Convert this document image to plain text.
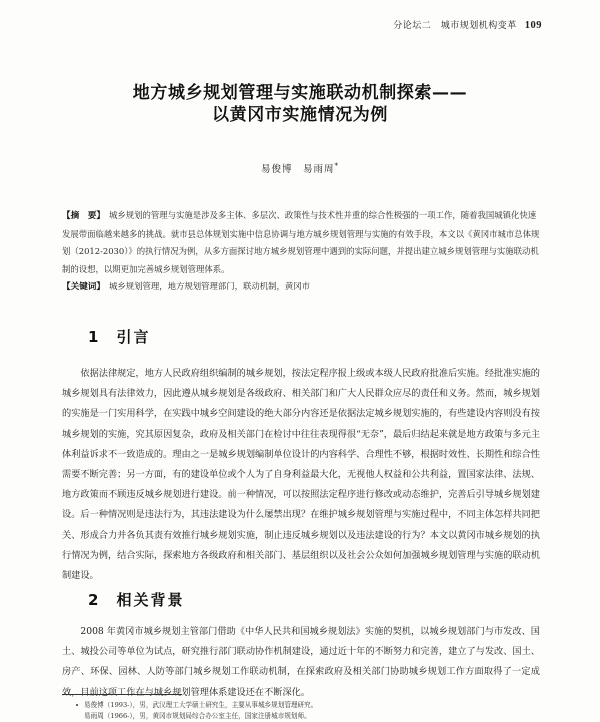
分论坛二　城市规划机构变革 109
地方城乡规划管理与实施联动机制探索——
以黄冈市实施情况为例
易俊博　易雨周*
【摘　要】 城乡规划的管理与实施是涉及多主体、多层次、政策性与技术性并重的综合性极强的一项工作，随着我国城镇化快速发展带面临越来越多的挑战。就市县总体规划实施中信息协调与地方城乡规划管理与实施的有效手段，本文以《黄冈市城市总体规划（2012-2030）》的执行情况为例，从多方面探讨地方城乡规划管理中遇到的实际问题，并提出建立城乡规划管理与实施联动机制的设想，以期更加完善城乡规划管理体系。
【关键词】 城乡规划管理，地方规划管理部门，联动机制，黄冈市
1 引言
依据法律规定，地方人民政府组织编制的城乡规划，按法定程序报上级或本级人民政府批准后实施。经批准实施的城乡规划具有法律效力，因此遵从城乡规划是各级政府、相关部门和广大人民群众应尽的责任和义务。然而，城乡规划的实施是一门实用科学，在实践中城乡空间建设的绝大部分内容还是依据法定城乡规划实施的，有些建设内容则没有按城乡规划的实施，究其原因复杂，政府及相关部门在检讨中往往表现得很“无奈”，最后归结起来就是地方政策与多元主体利益诉求不一致造成的。理由之一是城乡规划编制单位设计的内容科学、合理性不够，根据时效性、长期性和综合性需要不断完善；另一方面，有的建设单位或个人为了自身利益最大化，无视他人权益和公共利益，置国家法律、法规、地方政策而不顾违反城乡规划进行建设。前一种情况，可以按照法定程序进行修改或动态维护，完善后引导城乡规划建设。后一种情况则是违法行为，其违法建设为什么屡禁出现？在维护城乡规划管理与实施过程中，不同主体怎样共同把关、形成合力并各负其责有效推行城乡规划实施，制止违反城乡规划以及违法建设的行为？本文以黄冈市城乡规划的执行情况为例，结合实际，探索地方各级政府和相关部门、基层组织以及社会公众如何加强城乡规划管理与实施的联动机制建设。
2 相关背景
2008 年黄冈市城乡规划主管部门借助《中华人民共和国城乡规划法》实施的契机，以城乡规划部门与市发改、国土、城投公司等单位为试点，研究推行部门联动协作机制建设，通过近十年的不断努力和完善，建立了与发改、国土、房产、环保、园林、人防等部门城乡规划工作联动机制，在探索政府及相关部门协助城乡规划工作方面取得了一定成效，目前这项工作在与城乡规划管理体系建设还在不断深化。
易俊博（1993-），男，武汉理工大学硕士研究生，主要从事城乡规划管理研究。
易雨周（1966-），男，黄冈市规划局综合办公室主任，国家注册城市规划师。
